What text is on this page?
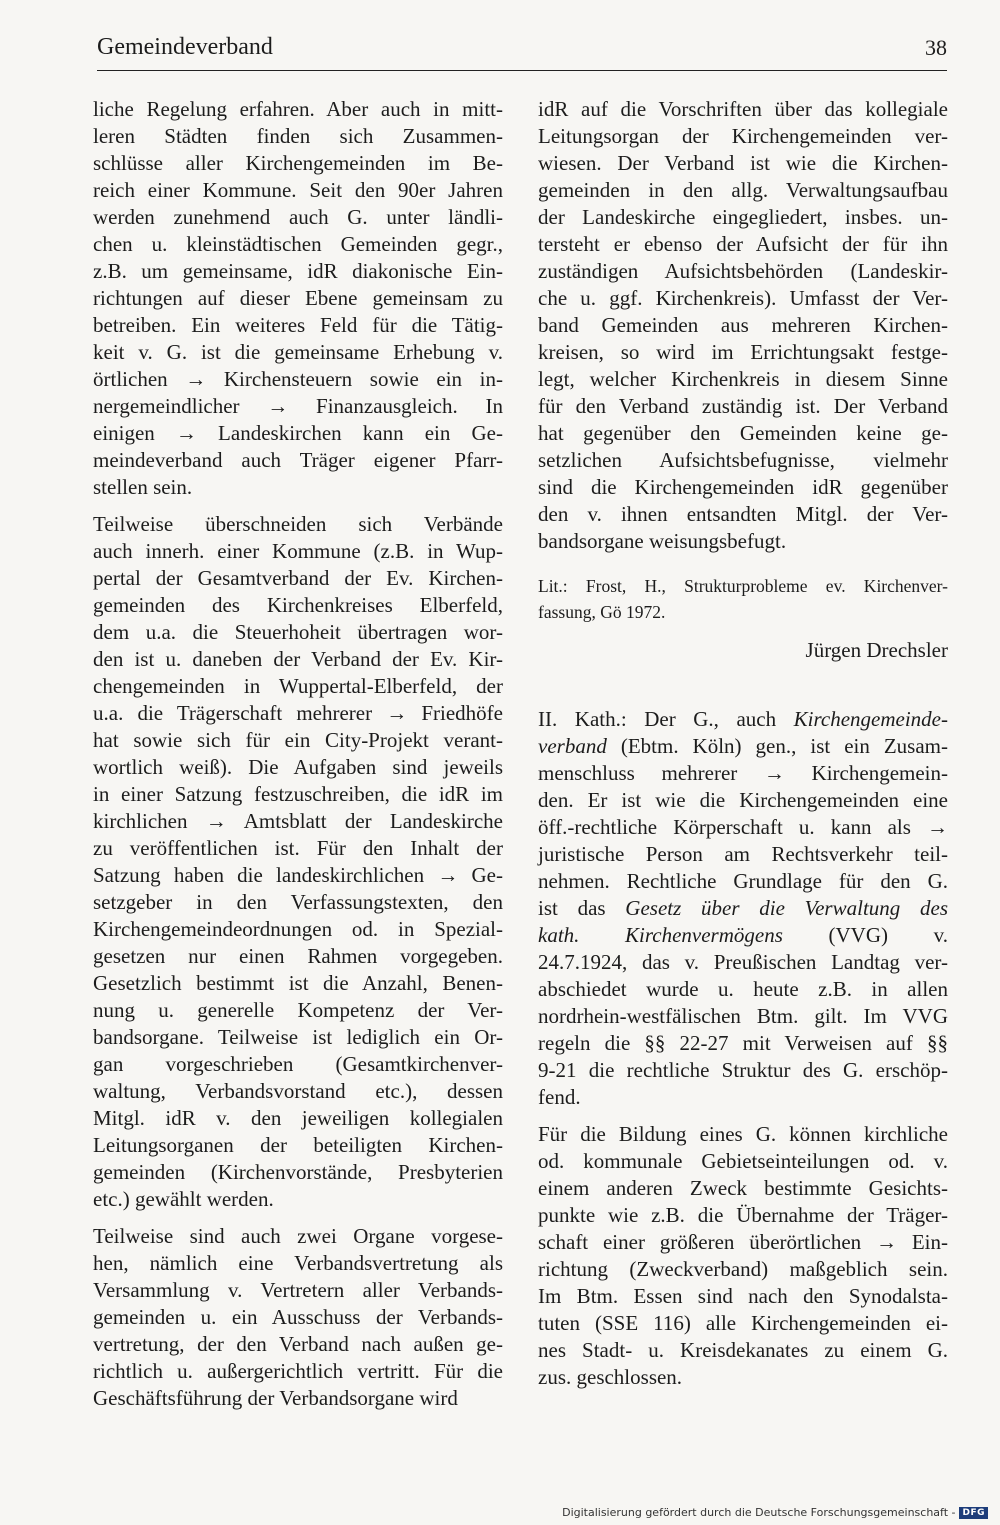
Gemeindeverband	38

liche Regelung erfahren. Aber auch in mitt-
leren Städten finden sich Zusammen-
schlüsse aller Kirchengemeinden im Be-
reich einer Kommune. Seit den 90er Jahren
werden zunehmend auch G. unter ländli-
chen u. kleinstädtischen Gemeinden gegr.,
z.B. um gemeinsame, idR diakonische Ein-
richtungen auf dieser Ebene gemeinsam zu
betreiben. Ein weiteres Feld für die Tätig-
keit v. G. ist die gemeinsame Erhebung v.
örtlichen → Kirchensteuern sowie ein in-
nergemeindlicher → Finanzausgleich. In
einigen → Landeskirchen kann ein Ge-
meindeverband auch Träger eigener Pfarr-
stellen sein.

Teilweise überschneiden sich Verbände
auch innerh. einer Kommune (z.B. in Wup-
pertal der Gesamtverband der Ev. Kirchen-
gemeinden des Kirchenkreises Elberfeld,
dem u.a. die Steuerhoheit übertragen wor-
den ist u. daneben der Verband der Ev. Kir-
chengemeinden in Wuppertal-Elberfeld, der
u.a. die Trägerschaft mehrerer → Friedhöfe
hat sowie sich für ein City-Projekt verant-
wortlich weiß). Die Aufgaben sind jeweils
in einer Satzung festzuschreiben, die idR im
kirchlichen → Amtsblatt der Landeskirche
zu veröffentlichen ist. Für den Inhalt der
Satzung haben die landeskirchlichen → Ge-
setzgeber in den Verfassungstexten, den
Kirchengemeindeordnungen od. in Spezial-
gesetzen nur einen Rahmen vorgegeben.
Gesetzlich bestimmt ist die Anzahl, Benen-
nung u. generelle Kompetenz der Ver-
bandsorgane. Teilweise ist lediglich ein Or-
gan vorgeschrieben (Gesamtkirchenver-
waltung, Verbandsvorstand etc.), dessen
Mitgl. idR v. den jeweiligen kollegialen
Leitungsorganen der beteiligten Kirchen-
gemeinden (Kirchenvorstände, Presbyterien
etc.) gewählt werden.

Teilweise sind auch zwei Organe vorgese-
hen, nämlich eine Verbandsvertretung als
Versammlung v. Vertretern aller Verbands-
gemeinden u. ein Ausschuss der Verbands-
vertretung, der den Verband nach außen ge-
richtlich u. außergerichtlich vertritt. Für die
Geschäftsführung der Verbandsorgane wird

idR auf die Vorschriften über das kollegiale
Leitungsorgan der Kirchengemeinden ver-
wiesen. Der Verband ist wie die Kirchen-
gemeinden in den allg. Verwaltungsaufbau
der Landeskirche eingegliedert, insbes. un-
tersteht er ebenso der Aufsicht der für ihn
zuständigen Aufsichtsbehörden (Landeskir-
che u. ggf. Kirchenkreis). Umfasst der Ver-
band Gemeinden aus mehreren Kirchen-
kreisen, so wird im Errichtungsakt festge-
legt, welcher Kirchenkreis in diesem Sinne
für den Verband zuständig ist. Der Verband
hat gegenüber den Gemeinden keine ge-
setzlichen Aufsichtsbefugnisse, vielmehr
sind die Kirchengemeinden idR gegenüber
den v. ihnen entsandten Mitgl. der Ver-
bandsorgane weisungsbefugt.

Lit.: Frost, H., Strukturprobleme ev. Kirchenver-
fassung, Gö 1972.

Jürgen Drechsler

II. Kath.: Der G., auch Kirchengemeinde-
verband (Ebtm. Köln) gen., ist ein Zusam-
menschluss mehrerer → Kirchengemein-
den. Er ist wie die Kirchengemeinden eine
öff.-rechtliche Körperschaft u. kann als →
juristische Person am Rechtsverkehr teil-
nehmen. Rechtliche Grundlage für den G.
ist das Gesetz über die Verwaltung des
kath. Kirchenvermögens (VVG) v.
24.7.1924, das v. Preußischen Landtag ver-
abschiedet wurde u. heute z.B. in allen
nordrhein-westfälischen Btm. gilt. Im VVG
regeln die §§ 22-27 mit Verweisen auf §§
9-21 die rechtliche Struktur des G. erschöp-
fend.

Für die Bildung eines G. können kirchliche
od. kommunale Gebietseinteilungen od. v.
einem anderen Zweck bestimmte Gesichts-
punkte wie z.B. die Übernahme der Träger-
schaft einer größeren überörtlichen → Ein-
richtung (Zweckverband) maßgeblich sein.
Im Btm. Essen sind nach den Synodalsta-
tuten (SSE 116) alle Kirchengemeinden ei-
nes Stadt- u. Kreisdekanates zu einem G.
zus. geschlossen.

Digitalisierung gefördert durch die Deutsche Forschungsgemeinschaft - DFG
